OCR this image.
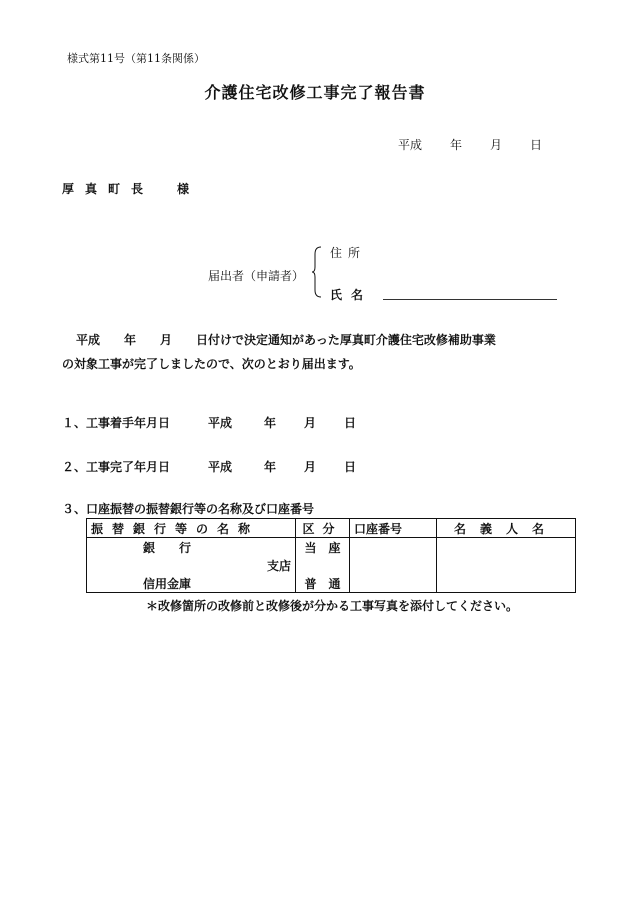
様式第11号（第11条関係）
介護住宅改修工事完了報告書
平成 年 月 日
厚真町長　様
届出者（申請者）
住所
氏名
平成　　年　　月　　日付けで決定通知があった厚真町介護住宅改修補助事業
の対象工事が完了しましたので、次のとおり届出ます。
１、工事着手年月日	平成	年 月 日
２、工事完了年月日	平成	年 月 日
３、口座振替の振替銀行等の名称及び口座番号
振替銀行等の名称	区分	口座番号	名義人名
銀　　行	当　座		
支店			
信用金庫	普　通		
＊改修箇所の改修前と改修後が分かる工事写真を添付してください。
